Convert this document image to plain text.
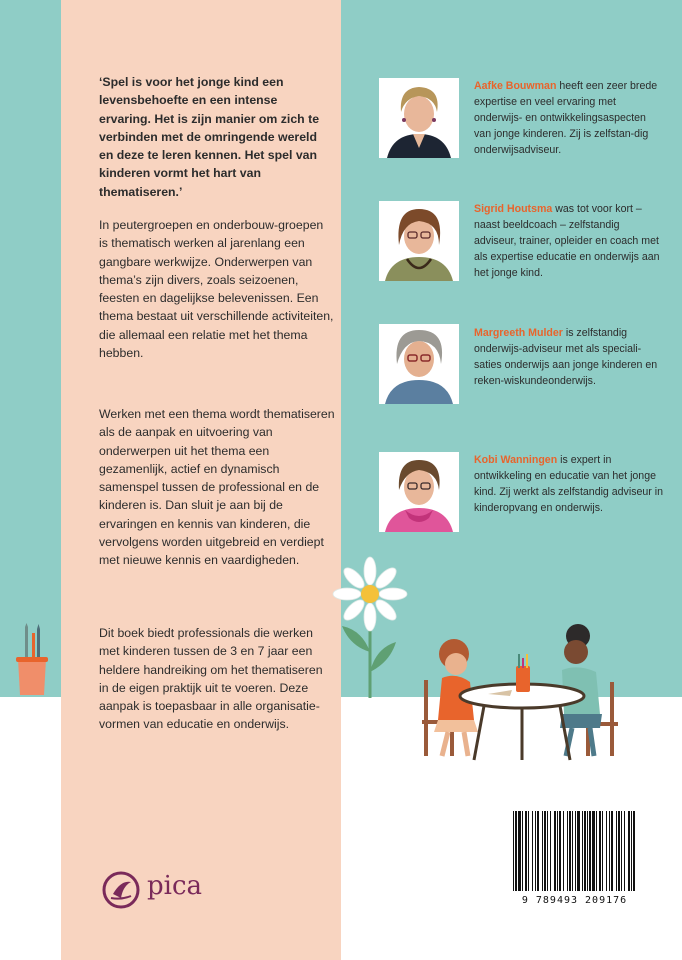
‘Spel is voor het jonge kind een levensbehoefte en een intense ervaring. Het is zijn manier om zich te verbinden met de omringende wereld en deze te leren kennen. Het spel van kinderen vormt het hart van thematiseren.’
In peutergroepen en onderbouw-groepen is thematisch werken al jarenlang een gangbare werkwijze. Onderwerpen van thema’s zijn divers, zoals seizoenen, feesten en dagelijkse belevenissen. Een thema bestaat uit verschillende activiteiten, die allemaal een relatie met het thema hebben.
Werken met een thema wordt thematiseren als de aanpak en uitvoering van onderwerpen uit het thema een gezamenlijk, actief en dynamisch samenspel tussen de professional en de kinderen is. Dan sluit je aan bij de ervaringen en kennis van kinderen, die vervolgens worden uitgebreid en verdiept met nieuwe kennis en vaardigheden.
Dit boek biedt professionals die werken met kinderen tussen de 3 en 7 jaar een heldere handreiking om het thematiseren in de eigen praktijk uit te voeren. Deze aanpak is toepasbaar in alle organisatie-vormen van educatie en onderwijs.
Aafke Bouwman heeft een zeer brede expertise en veel ervaring met onderwijs- en ontwikkelingsaspecten van jonge kinderen. Zij is zelfstan-dig onderwijsadviseur.
Sigrid Houtsma was tot voor kort – naast beeldcoach – zelfstandig adviseur, trainer, opleider en coach met als expertise educatie en onderwijs aan het jonge kind.
Margreeth Mulder is zelfstandig onderwijs-adviseur met als speciali-saties onderwijs aan jonge kinderen en reken-wiskundeonderwijs.
Kobi Wanningen is expert in ontwikkeling en educatie van het jonge kind. Zij werkt als zelfstandig adviseur in kinderopvang en onderwijs.
9 789493 209176
pica
